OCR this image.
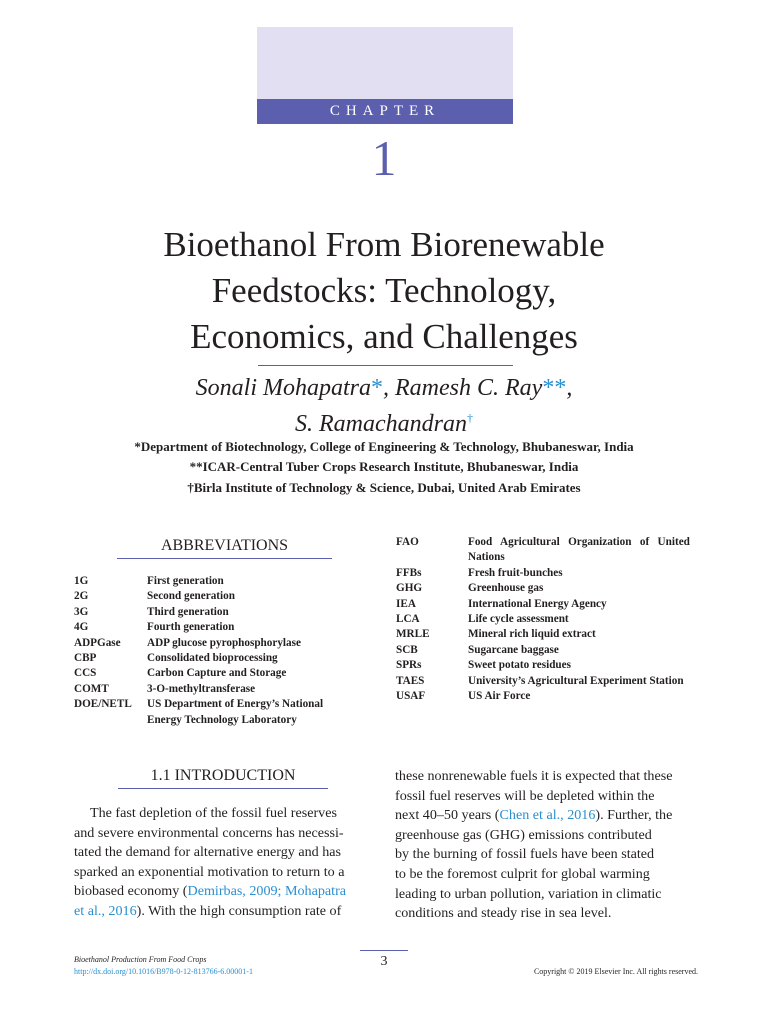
CHAPTER
1
Bioethanol From Biorenewable
Feedstocks: Technology,
Economics, and Challenges
Sonali Mohapatra*, Ramesh C. Ray**,
S. Ramachandran†
*Department of Biotechnology, College of Engineering & Technology, Bhubaneswar, India
**ICAR-Central Tuber Crops Research Institute, Bhubaneswar, India
†Birla Institute of Technology & Science, Dubai, United Arab Emirates
ABBREVIATIONS
1G	First generation
2G	Second generation
3G	Third generation
4G	Fourth generation
ADPGase ADP glucose pyrophosphorylase
CBP	Consolidated bioprocessing
CCS	Carbon Capture and Storage
COMT	3-O-methyltransferase
DOE/NETL US Department of Energy’s National
Energy Technology Laboratory
FAO	Food   Agricultural   Organization   of   United
Nations
FFBs	Fresh fruit-bunches
GHG	Greenhouse gas
IEA	International Energy Agency
LCA	Life cycle assessment
MRLE	Mineral rich liquid extract
SCB	Sugarcane baggase
SPRs	Sweet potato residues
TAES	University’s Agricultural Experiment Station
USAF	US Air Force
1.1 INTRODUCTION
The fast depletion of the fossil fuel reserves
and severe environmental concerns has necessi-
tated the demand for alternative energy and has
sparked an exponential motivation to return to a
biobased economy (Demirbas, 2009; Mohapatra
et al., 2016). With the high consumption rate of
these nonrenewable fuels it is expected that these
fossil fuel reserves will be depleted within the
next 40–50 years (Chen et al., 2016). Further, the
greenhouse gas (GHG) emissions contributed
by the burning of fossil fuels have been stated
to be the foremost culprit for global warming
leading to urban pollution, variation in climatic
conditions and steady rise in sea level.
3
Bioethanol Production From Food Crops
http://dx.doi.org/10.1016/B978-0-12-813766-6.00001-1	Copyright © 2019 Elsevier Inc. All rights reserved.
